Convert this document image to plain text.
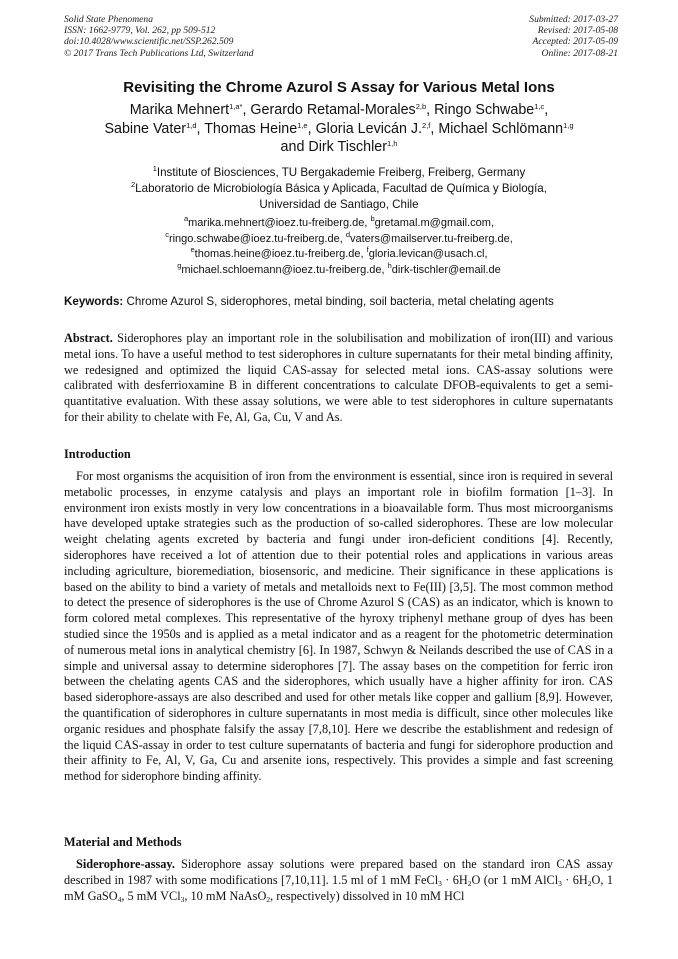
Solid State Phenomena
ISSN: 1662-9779, Vol. 262, pp 509-512
doi:10.4028/www.scientific.net/SSP.262.509
© 2017 Trans Tech Publications Ltd, Switzerland
Submitted: 2017-03-27
Revised: 2017-05-08
Accepted: 2017-05-09
Online: 2017-08-21
Revisiting the Chrome Azurol S Assay for Various Metal Ions
Marika Mehnert$^{1,a*}$, Gerardo Retamal-Morales$^{2,b}$, Ringo Schwabe$^{1,c}$,
Sabine Vater$^{1,d}$, Thomas Heine$^{1,e}$, Gloria Levicán J.$^{2,f}$, Michael Schlömann$^{1,g}$
and Dirk Tischler$^{1,h}$
$^1$Institute of Biosciences, TU Bergakademie Freiberg, Freiberg, Germany
$^2$Laboratorio de Microbiología Básica y Aplicada, Facultad de Química y Biología,
Universidad de Santiago, Chile
$^a$marika.mehnert@ioez.tu-freiberg.de, $^b$gretamal.m@gmail.com,
$^c$ringo.schwabe@ioez.tu-freiberg.de, $^d$vaters@mailserver.tu-freiberg.de,
$^e$thomas.heine@ioez.tu-freiberg.de, $^f$gloria.levican@usach.cl,
$^g$michael.schloemann@ioez.tu-freiberg.de, $^h$dirk-tischler@email.de
Keywords: Chrome Azurol S, siderophores, metal binding, soil bacteria, metal chelating agents
Abstract. Siderophores play an important role in the solubilisation and mobilization of iron(III) and various metal ions. To have a useful method to test siderophores in culture supernatants for their metal binding affinity, we redesigned and optimized the liquid CAS-assay for selected metal ions. CAS-assay solutions were calibrated with desferrioxamine B in different concentrations to calculate DFOB-equivalents to get a semi-quantitative evaluation. With these assay solutions, we were able to test siderophores in culture supernatants for their ability to chelate with Fe, Al, Ga, Cu, V and As.
Introduction
For most organisms the acquisition of iron from the environment is essential, since iron is required in several metabolic processes, in enzyme catalysis and plays an important role in biofilm formation [1–3]. In environment iron exists mostly in very low concentrations in a bioavailable form. Thus most microorganisms have developed uptake strategies such as the production of so-called siderophores. These are low molecular weight chelating agents excreted by bacteria and fungi under iron-deficient conditions [4]. Recently, siderophores have received a lot of attention due to their potential roles and applications in various areas including agriculture, bioremediation, biosensoric, and medicine. Their significance in these applications is based on the ability to bind a variety of metals and metalloids next to Fe(III) [3,5]. The most common method to detect the presence of siderophores is the use of Chrome Azurol S (CAS) as an indicator, which is known to form colored metal complexes. This representative of the hyroxy triphenyl methane group of dyes has been studied since the 1950s and is applied as a metal indicator and as a reagent for the photometric determination of numerous metal ions in analytical chemistry [6]. In 1987, Schwyn & Neilands described the use of CAS in a simple and universal assay to determine siderophores [7]. The assay bases on the competition for ferric iron between the chelating agents CAS and the siderophores, which usually have a higher affinity for iron. CAS based siderophore-assays are also described and used for other metals like copper and gallium [8,9]. However, the quantification of siderophores in culture supernatants in most media is difficult, since other molecules like organic residues and phosphate falsify the assay [7,8,10]. Here we describe the establishment and redesign of the liquid CAS-assay in order to test culture supernatants of bacteria and fungi for siderophore production and their affinity to Fe, Al, V, Ga, Cu and arsenite ions, respectively. This provides a simple and fast screening method for siderophore binding affinity.
Material and Methods
Siderophore-assay. Siderophore assay solutions were prepared based on the standard iron CAS assay described in 1987 with some modifications [7,10,11]. 1.5 ml of 1 mM FeCl$_3$ · $6H_2O$ (or 1 mM AlCl$_3$ · $6H_2O$, 1 mM GaSO$_4$, 5 mM VCl$_3$, 10 mM NaAsO$_2$, respectively) dissolved in 10 mM HCl
